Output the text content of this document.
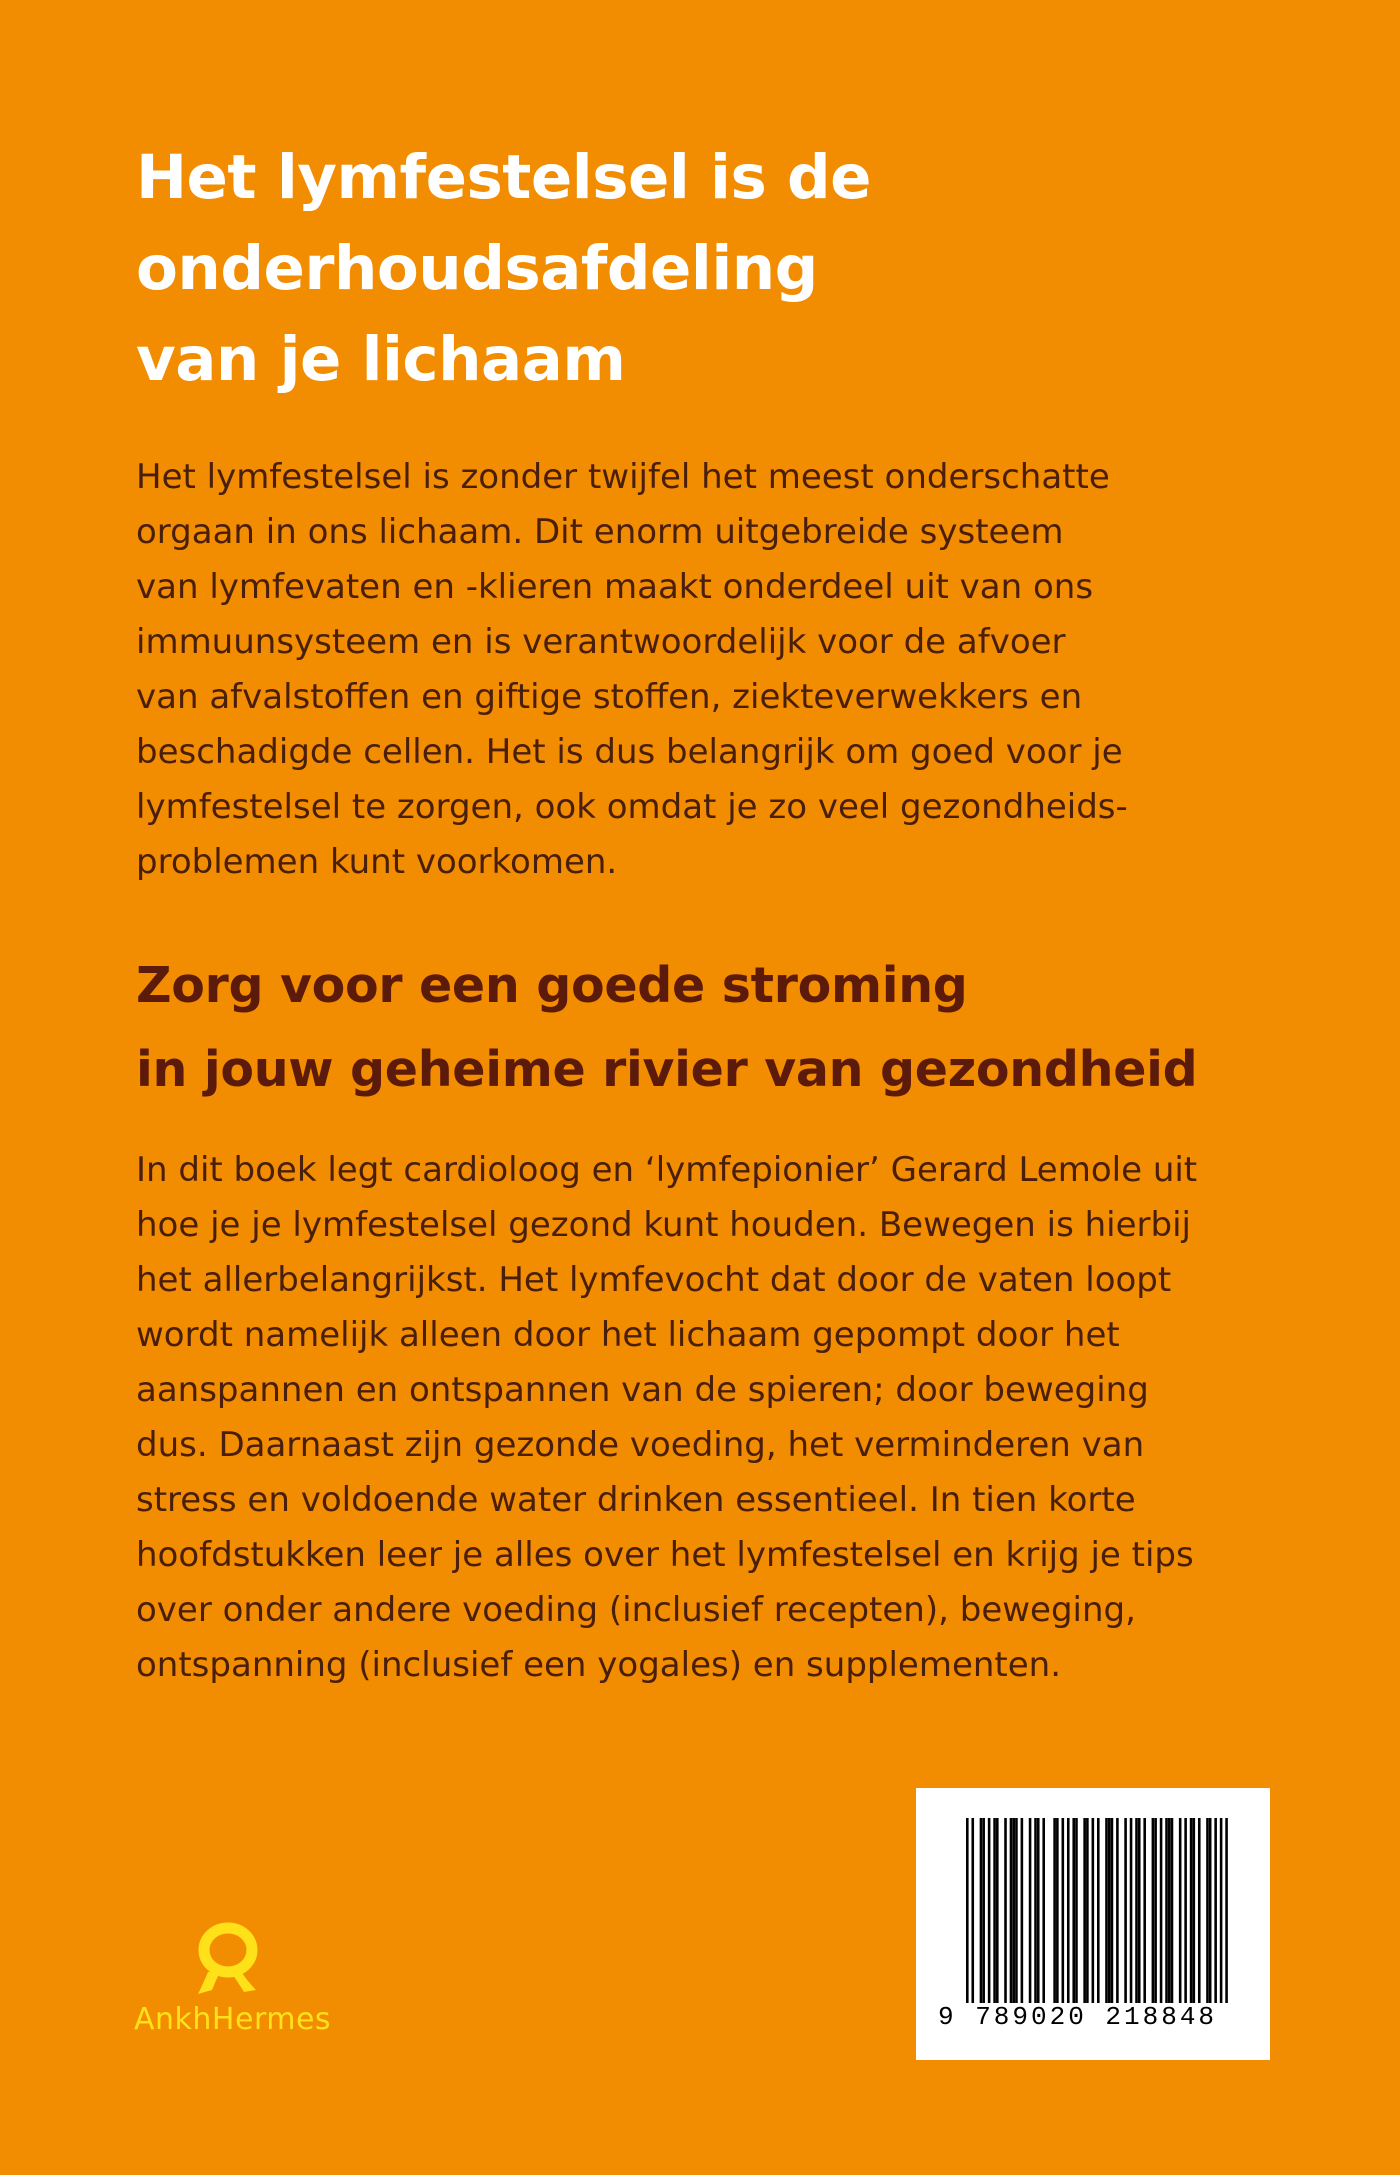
Het lymfestelsel is de
onderhoudsafdeling
van je lichaam

Het lymfestelsel is zonder twijfel het meest onderschatte
orgaan in ons lichaam. Dit enorm uitgebreide systeem
van lymfevaten en -klieren maakt onderdeel uit van ons
immuunsysteem en is verantwoordelijk voor de afvoer
van afvalstoffen en giftige stoffen, ziekteverwekkers en
beschadigde cellen. Het is dus belangrijk om goed voor je
lymfestelsel te zorgen, ook omdat je zo veel gezondheids-
problemen kunt voorkomen.

Zorg voor een goede stroming
in jouw geheime rivier van gezondheid

In dit boek legt cardioloog en ‘lymfepionier’ Gerard Lemole uit
hoe je je lymfestelsel gezond kunt houden. Bewegen is hierbij
het allerbelangrijkst. Het lymfevocht dat door de vaten loopt
wordt namelijk alleen door het lichaam gepompt door het
aanspannen en ontspannen van de spieren; door beweging
dus. Daarnaast zijn gezonde voeding, het verminderen van
stress en voldoende water drinken essentieel. In tien korte
hoofdstukken leer je alles over het lymfestelsel en krijg je tips
over onder andere voeding (inclusief recepten), beweging,
ontspanning (inclusief een yogales) en supplementen.

AnkhHermes	9 789020 218848
